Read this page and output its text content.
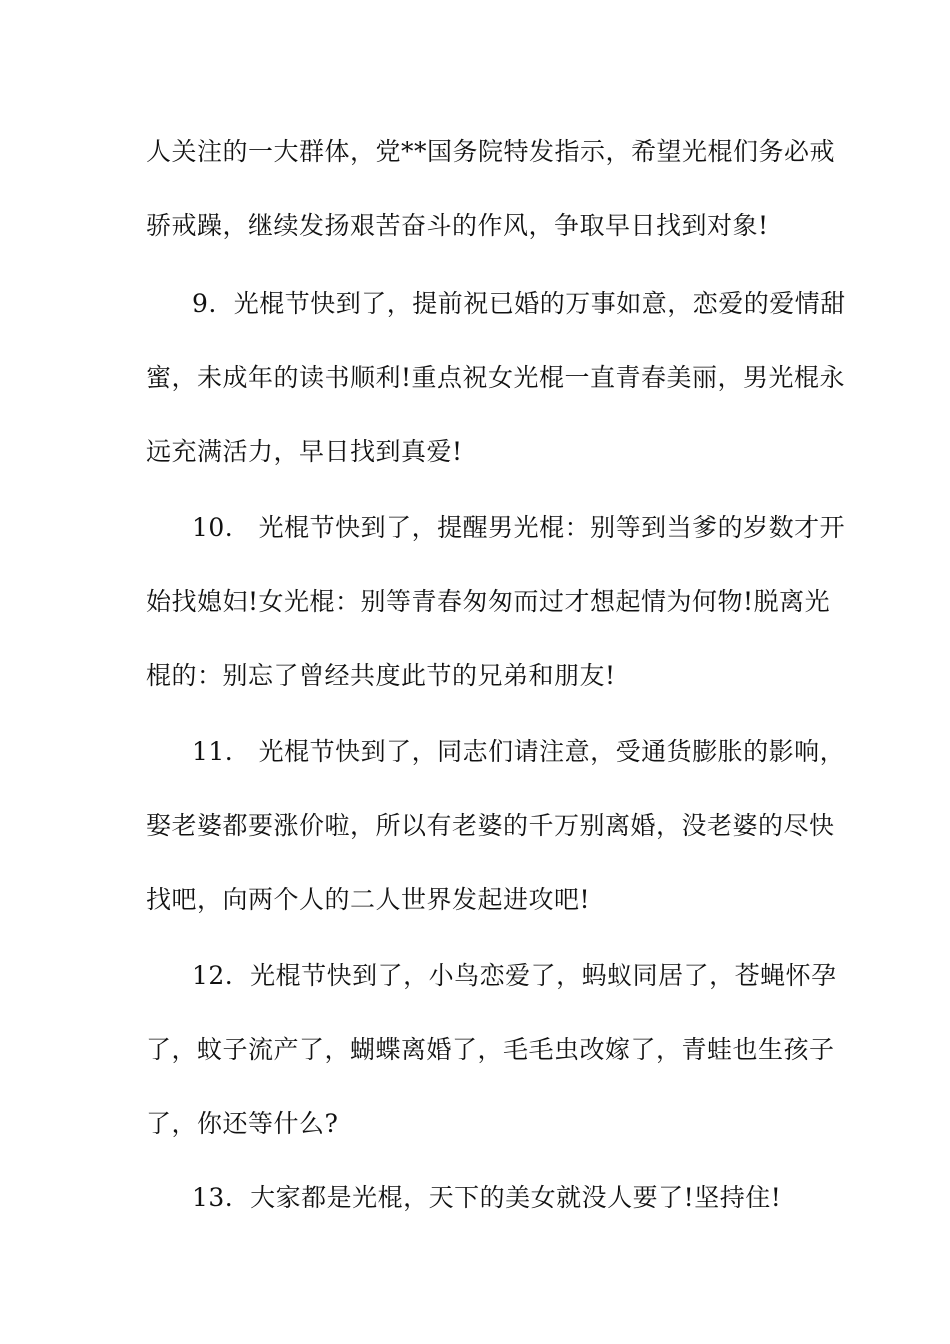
人关注的一大群体，党**国务院特发指示，希望光棍们务必戒
骄戒躁，继续发扬艰苦奋斗的作风，争取早日找到对象!
9.  光棍节快到了，提前祝已婚的万事如意，恋爱的爱情甜
蜜，未成年的读书顺利!重点祝女光棍一直青春美丽，男光棍永
远充满活力，早日找到真爱!
10.   光棍节快到了，提醒男光棍：别等到当爹的岁数才开
始找媳妇!女光棍：别等青春匆匆而过才想起情为何物!脱离光
棍的：别忘了曾经共度此节的兄弟和朋友!
11.   光棍节快到了，同志们请注意，受通货膨胀的影响，
娶老婆都要涨价啦，所以有老婆的千万别离婚，没老婆的尽快
找吧，向两个人的二人世界发起进攻吧!
12.  光棍节快到了，小鸟恋爱了，蚂蚁同居了，苍蝇怀孕
了，蚊子流产了，蝴蝶离婚了，毛毛虫改嫁了，青蛙也生孩子
了，你还等什么?
13.  大家都是光棍，天下的美女就没人要了!坚持住!
